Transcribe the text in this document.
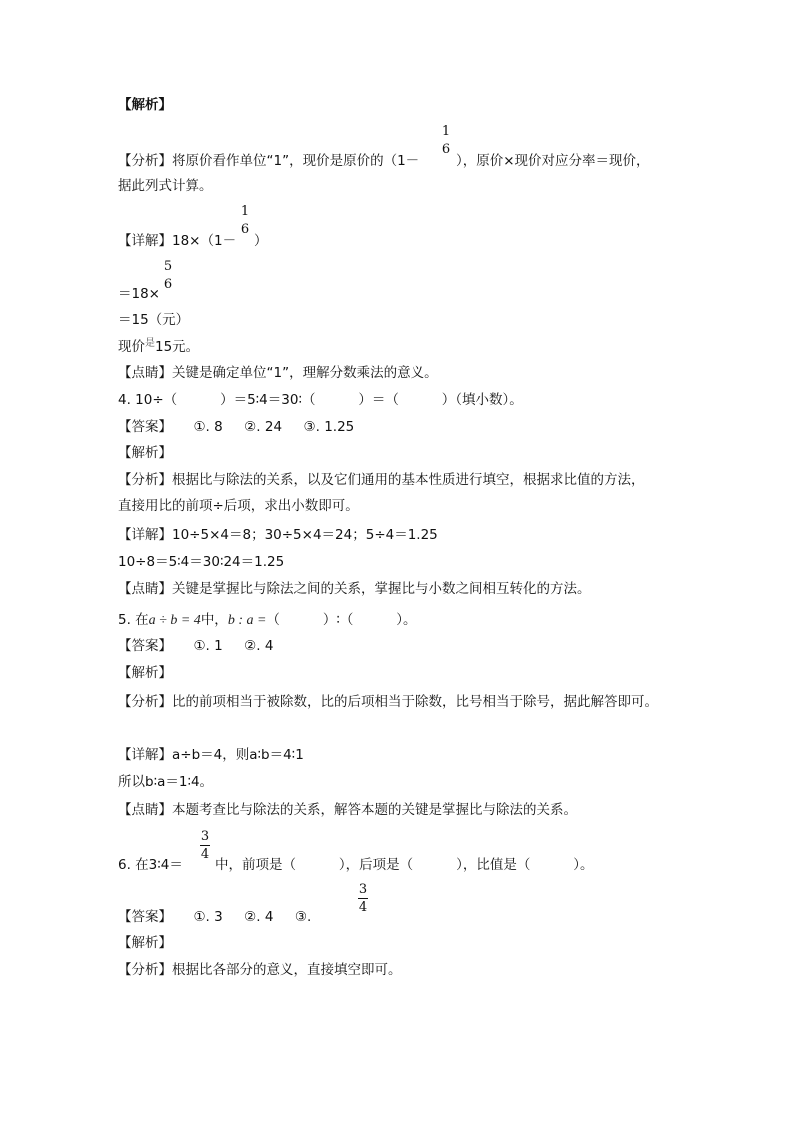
【解析】
【分析】将原价看作单位“1”，现价是原价的（1－
1
6
），原价×现价对应分率＝现价，
据此列式计算。
【详解】18×（1－
1
6
）
＝18×
5
6
＝15（元）
现价$^是$15元。
【点睛】关键是确定单位“1”，理解分数乘法的意义。
4. 10÷（          ）＝5∶4＝30∶（          ）＝（          ）（填小数）。
【答案】     ①. 8     ②. 24     ③. 1.25
【解析】
【分析】根据比与除法的关系，以及它们通用的基本性质进行填空，根据求比值的方法，
直接用比的前项÷后项，求出小数即可。
【详解】10÷5×4＝8；30÷5×4＝24；5÷4＝1.25
10÷8＝5∶4＝30∶24＝1.25
【点睛】关键是掌握比与除法之间的关系，掌握比与小数之间相互转化的方法。
5. 在a ÷ b = 4中，b : a =（          ）∶（          ）。
【答案】     ①. 1     ②. 4
【解析】
【分析】比的前项相当于被除数，比的后项相当于除数，比号相当于除号，据此解答即可。
【详解】a÷b＝4，则a∶b＝4∶1
所以b∶a＝1∶4。
【点睛】本题考查比与除法的关系，解答本题的关键是掌握比与除法的关系。
6. 在3∶4＝
3
4
中，前项是（          ），后项是（          ），比值是（          ）。
【答案】     ①. 3     ②. 4     ③.
3
4
【解析】
【分析】根据比各部分的意义，直接填空即可。
